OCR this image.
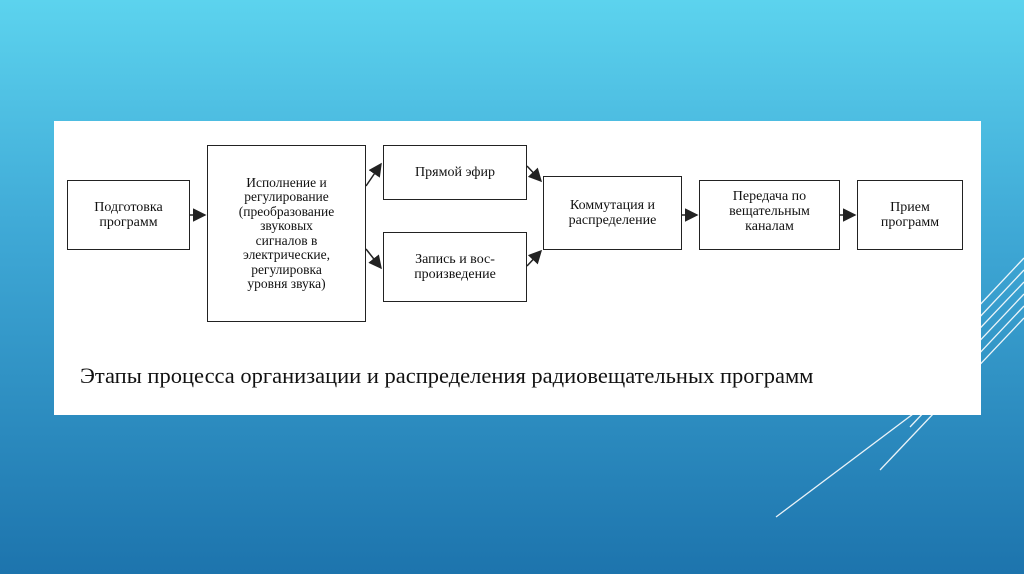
Подготовка
программ
Исполнение и
регулирование
(преобразование
звуковых
сигналов в
электрические,
регулировка
уровня звука)
Прямой эфир
Запись и вос-
произведение
Коммутация и
распределение
Передача по
вещательным
каналам
Прием
программ
Этапы процесса организации и распределения радиовещательных программ
